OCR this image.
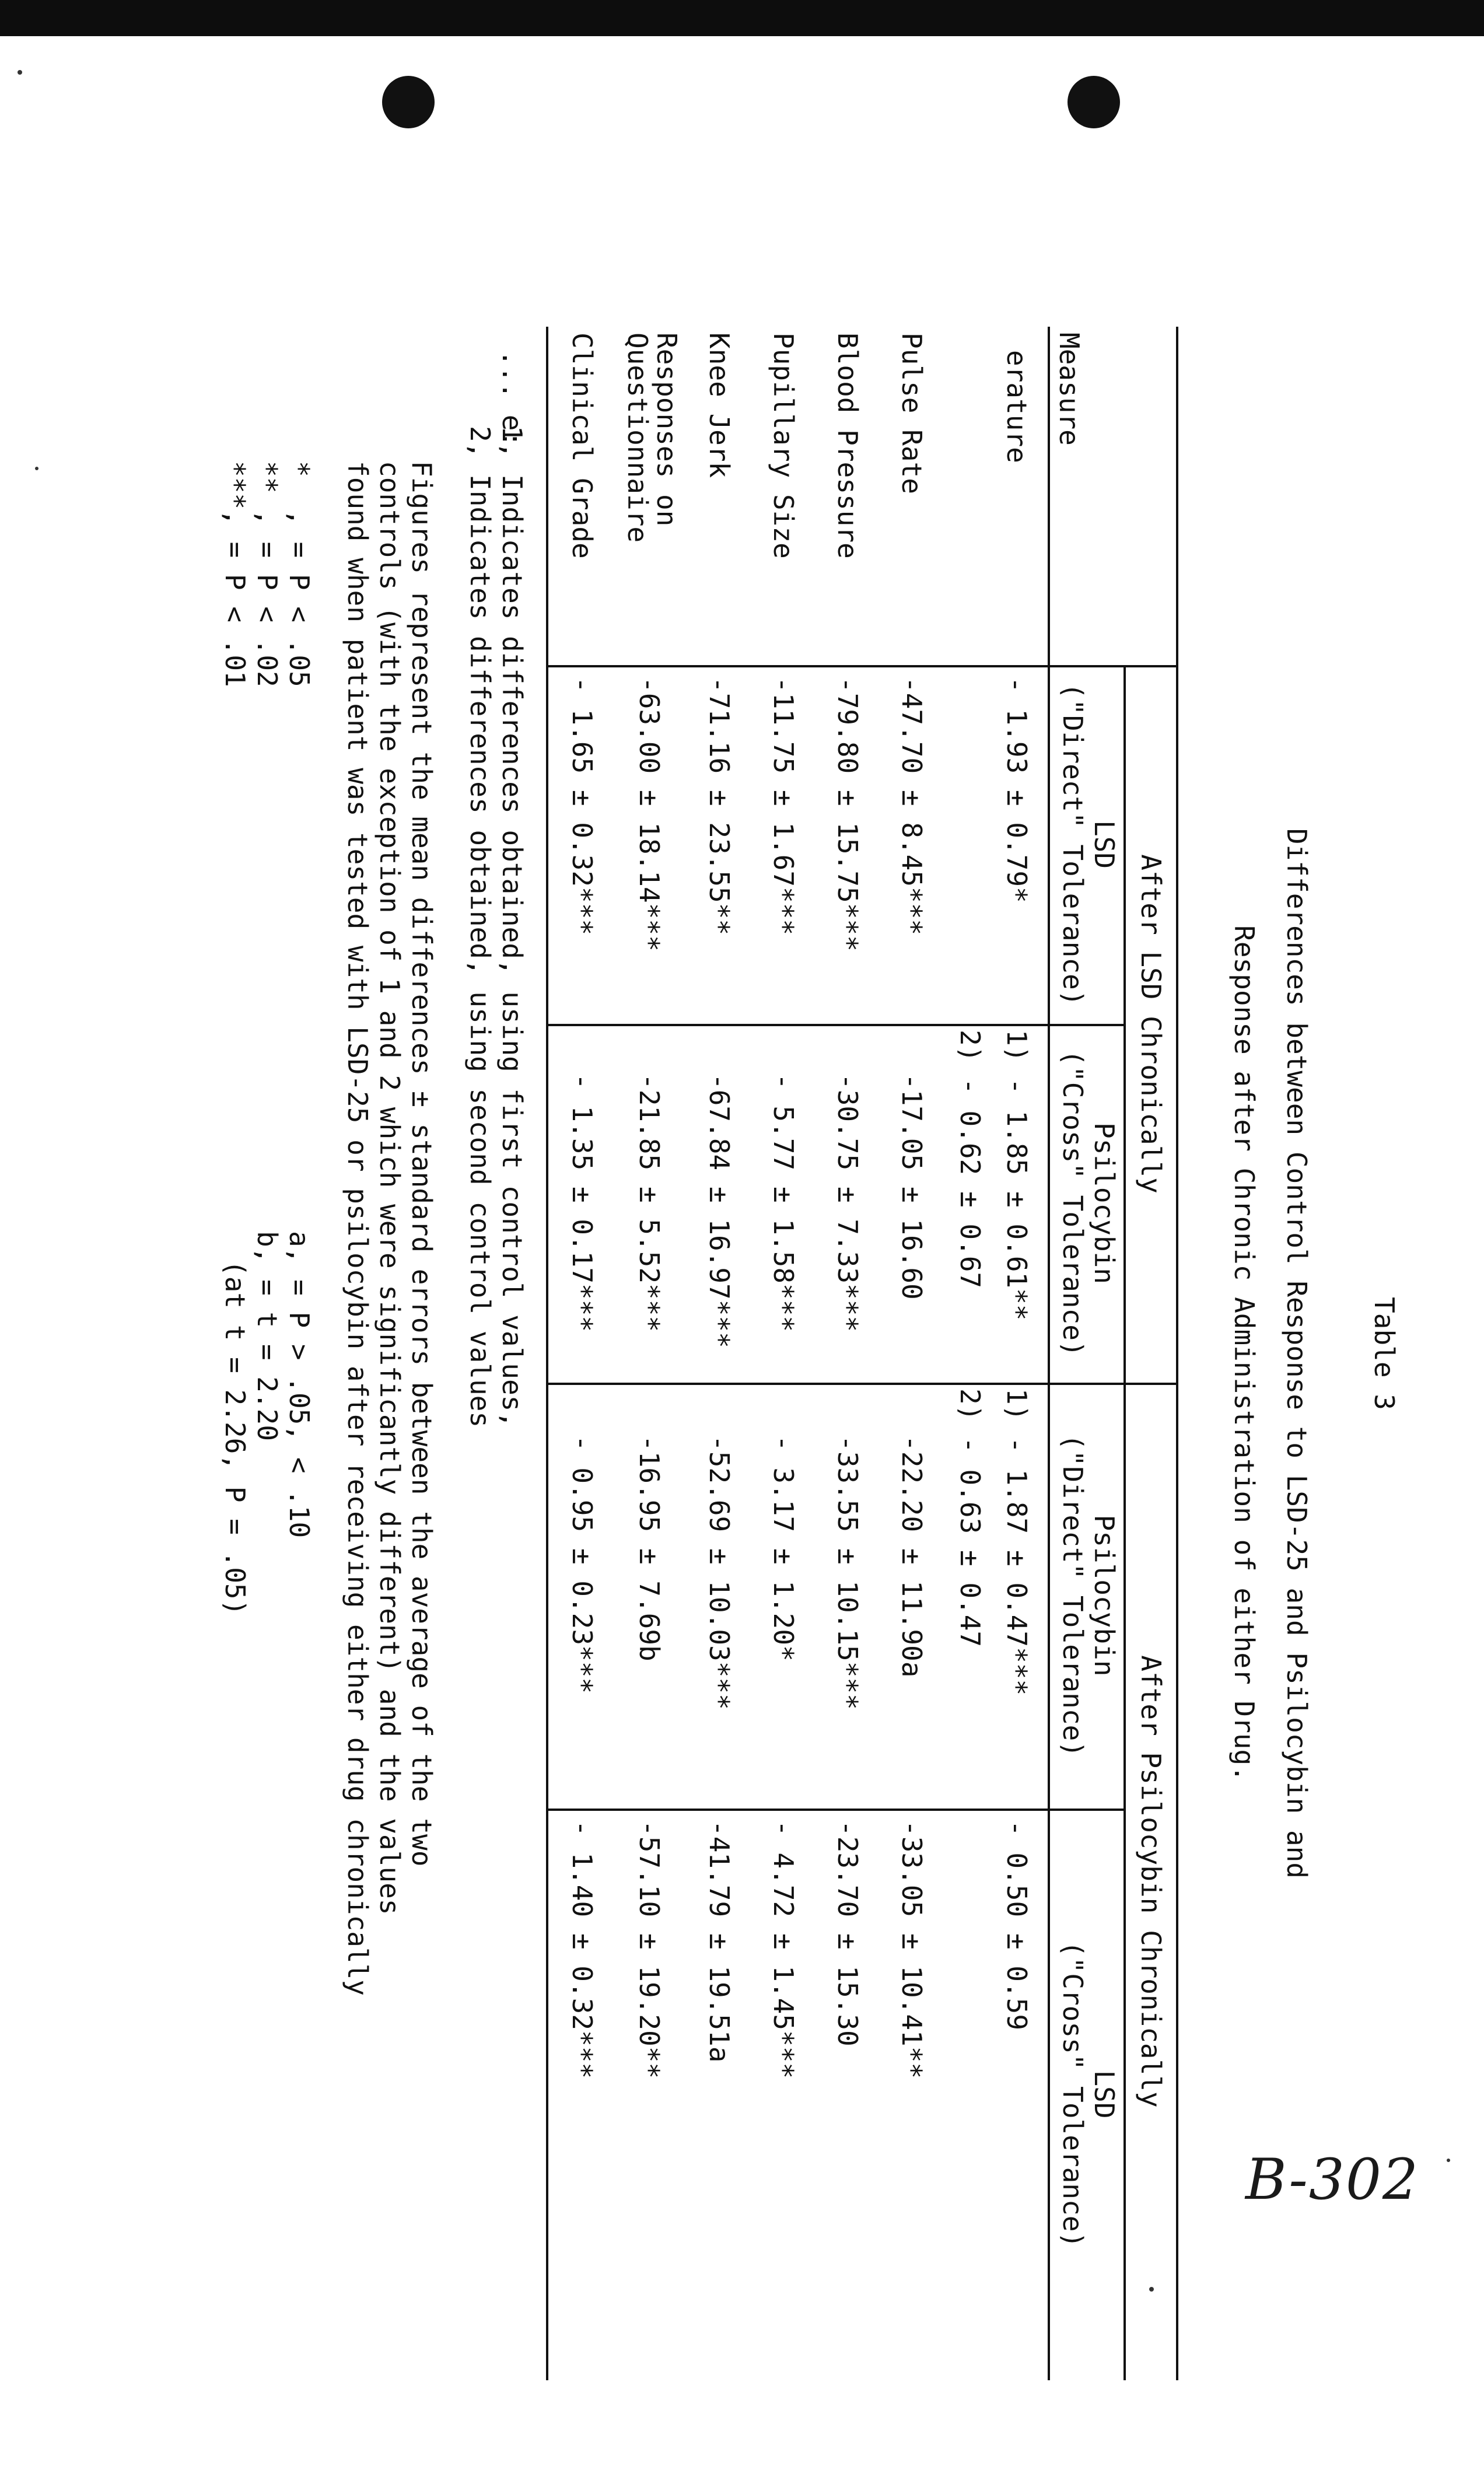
B-302
Table 3
Differences between Control Response to LSD-25 and Psilocybin and
Response after Chronic Administration of either Drug.
After LSD Chronically
After Psilocybin Chronically
Measure
LSD
("Direct" Tolerance)
Psilocybin
("Cross" Tolerance)
Psilocybin
("Direct" Tolerance)
LSD
("Cross" Tolerance)
erature
- 1.93 ± 0.79*
1) - 1.85 ± 0.61**
2) - 0.62 ± 0.67
1) - 1.87 ± 0.47***
2) - 0.63 ± 0.47
- 0.50 ± 0.59
Pulse Rate
-47.70 ± 8.45***
-17.05 ± 16.60
-22.20 ± 11.90a
-33.05 ± 10.41**
Blood Pressure
-79.80 ± 15.75***
-30.75 ± 7.33***
-33.55 ± 10.15***
-23.70 ± 15.30
Pupillary Size
-11.75 ± 1.67***
- 5.77 ± 1.58***
- 3.17 ± 1.20*
- 4.72 ± 1.45***
Knee Jerk
-71.16 ± 23.55**
-67.84 ± 16.97***
-52.69 ± 10.03***
-41.79 ± 19.51a
Responses on
Questionnaire
-63.00 ± 18.14***
-21.85 ± 5.52***
-16.95 ± 7.69b
-57.10 ± 19.20**
Clinical Grade
- 1.65 ± 0.32***
- 1.35 ± 0.17***
- 0.95 ± 0.23***
- 1.40 ± 0.32***
... e:
1, Indicates differences obtained, using first control values,
2, Indicates differences obtained, using second control values
Figures represent the mean differences ± standard errors between the average of the two
controls (with the exception of 1 and 2 which were significantly different) and the values
found when patient was tested with LSD-25 or psilocybin after receiving either drug chronically
*  , = P < .05
** , = P < .02
***, = P < .01
a, = P > .05, < .10
b, = t = 2.20
(at t = 2.26, P = .05)
